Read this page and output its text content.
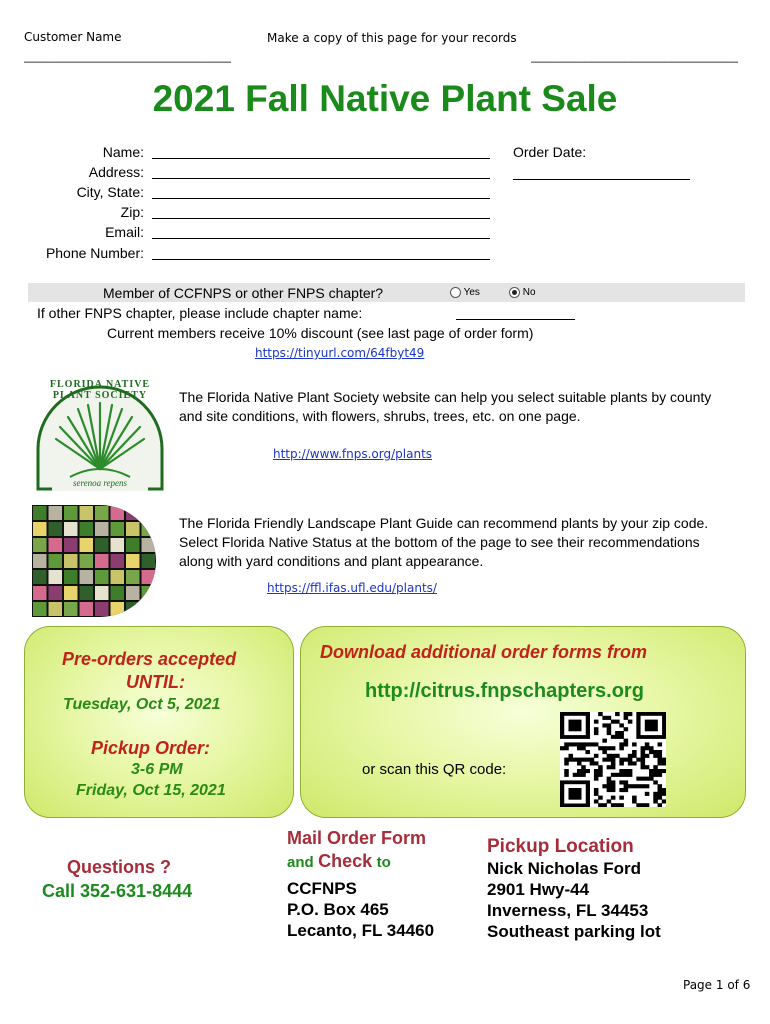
Customer Name	Make a copy of this page for your records
_______________________________	_______________________________
2021 Fall Native Plant Sale
Name:
Address:
City, State:
Zip:
Email:
Phone Number:
Order Date:
Member of CCFNPS or other FNPS chapter?	Yes	No
If other FNPS chapter, please include chapter name:
Current members receive 10% discount (see last page of order form)
https://tinyurl.com/64fbyt49
FLORIDA NATIVE PLANT SOCIETY
serenoa repens
The Florida Native Plant Society website can help you select suitable plants by county and site conditions, with flowers, shrubs, trees, etc. on one page.
http://www.fnps.org/plants
The Florida Friendly Landscape Plant Guide can recommend plants by your zip code. Select Florida Native Status at the bottom of the page to see their recommendations along with yard conditions and plant appearance.
https://ffl.ifas.ufl.edu/plants/
Pre-orders accepted
UNTIL:
Tuesday, Oct 5, 2021
Pickup Order:
3-6 PM
Friday, Oct 15, 2021
Download additional order forms from
http://citrus.fnpschapters.org
or scan this QR code:
Questions ?
Call 352-631-8444
Mail Order Form
and Check to
CCFNPS
P.O. Box 465
Lecanto, FL 34460
Pickup Location
Nick Nicholas Ford
2901 Hwy-44
Inverness, FL 34453
Southeast parking lot
Page 1 of 6
